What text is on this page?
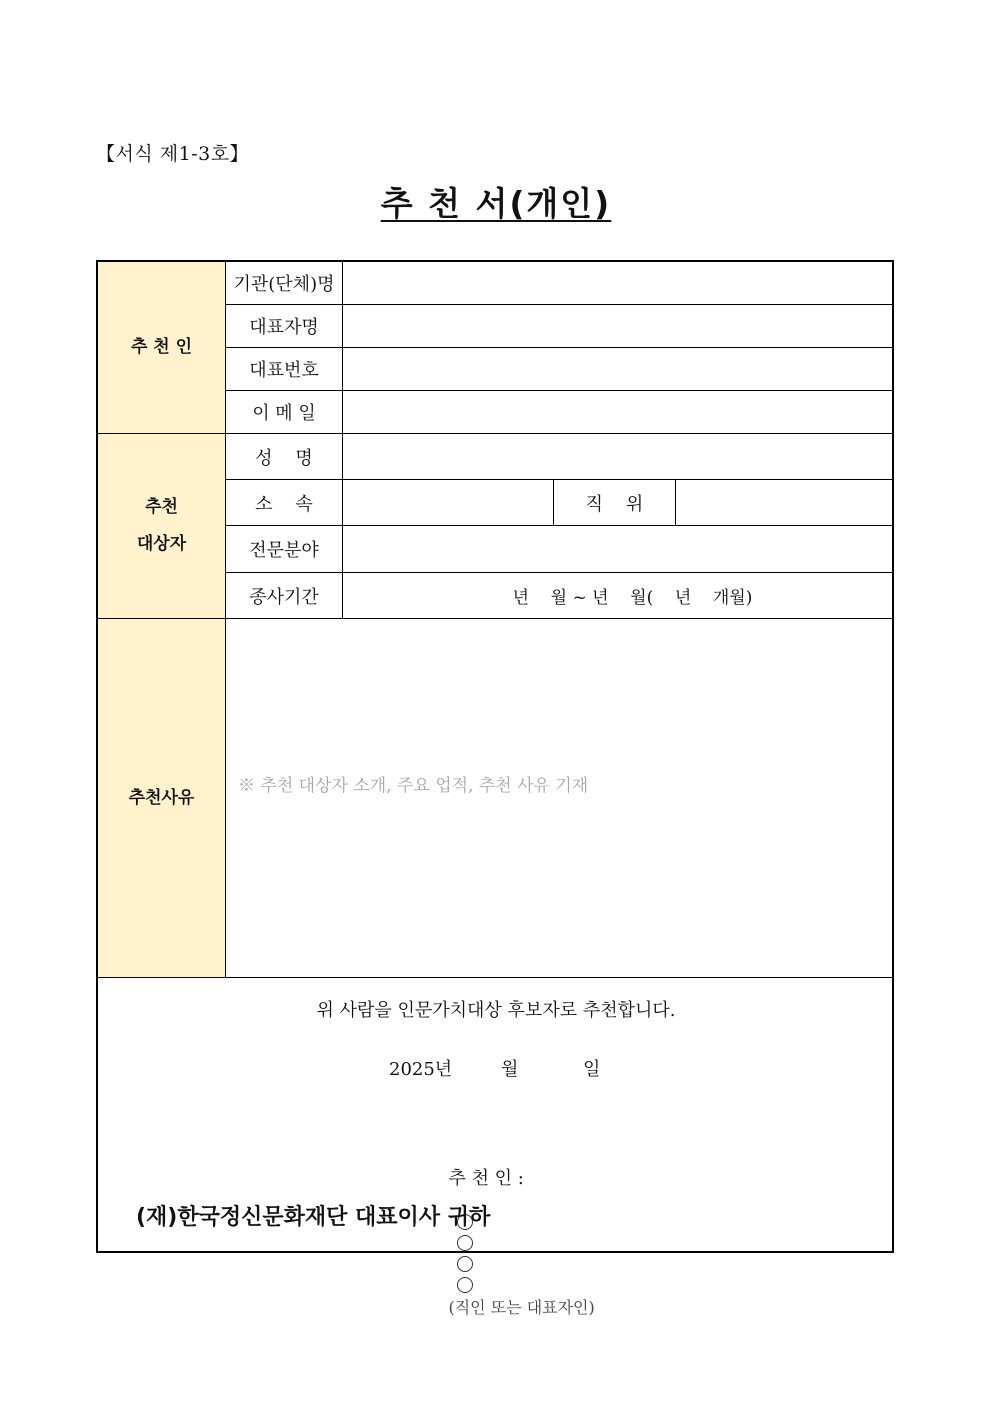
【서식 제1-3호】
추 천 서(개인)
추 천 인
추천
대상자
추천사유
기관(단체)명
대표자명
대표번호
이 메 일
성    명
소    속
전문분야
종사기간
직    위
년    월 ~ 년    월(    년    개월)
※ 추천 대상자 소개, 주요 업적, 추천 사유 기재
위 사람을 인문가치대상 후보자로 추천합니다.
2025년	월	일

추 천 인 :

(직인 또는 대표자인)

(재)한국정신문화재단 대표이사 귀하
